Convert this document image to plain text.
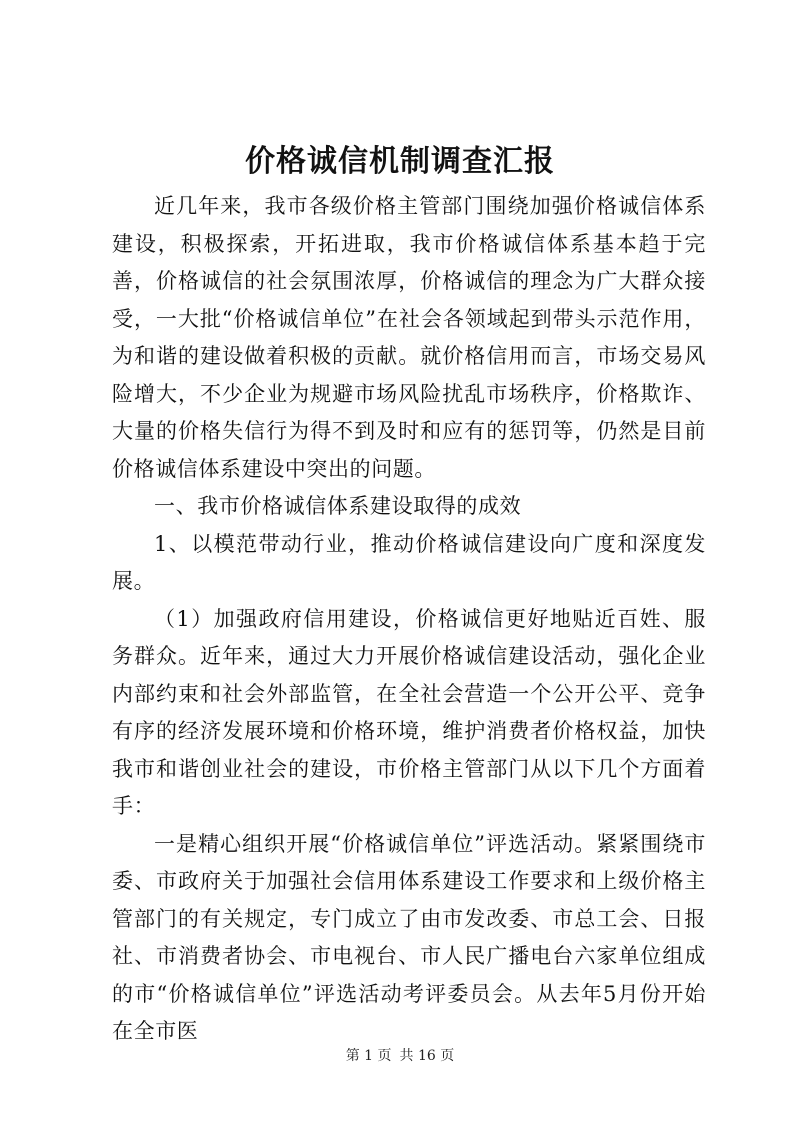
价格诚信机制调查汇报

近几年来，我市各级价格主管部门围绕加强价格诚信体系建设，积极探索，开拓进取，我市价格诚信体系基本趋于完善，价格诚信的社会氛围浓厚，价格诚信的理念为广大群众接受，一大批“价格诚信单位”在社会各领域起到带头示范作用，为和谐的建设做着积极的贡献。就价格信用而言，市场交易风险增大，不少企业为规避市场风险扰乱市场秩序，价格欺诈、大量的价格失信行为得不到及时和应有的惩罚等，仍然是目前价格诚信体系建设中突出的问题。

一、我市价格诚信体系建设取得的成效

1、以模范带动行业，推动价格诚信建设向广度和深度发展。

（1）加强政府信用建设，价格诚信更好地贴近百姓、服务群众。近年来，通过大力开展价格诚信建设活动，强化企业内部约束和社会外部监管，在全社会营造一个公开公平、竞争有序的经济发展环境和价格环境，维护消费者价格权益，加快我市和谐创业社会的建设，市价格主管部门从以下几个方面着手：

一是精心组织开展“价格诚信单位”评选活动。紧紧围绕市委、市政府关于加强社会信用体系建设工作要求和上级价格主管部门的有关规定，专门成立了由市发改委、市总工会、日报社、市消费者协会、市电视台、市人民广播电台六家单位组成的市“价格诚信单位”评选活动考评委员会。从去年5月份开始在全市医

第 1 页 共 16 页
